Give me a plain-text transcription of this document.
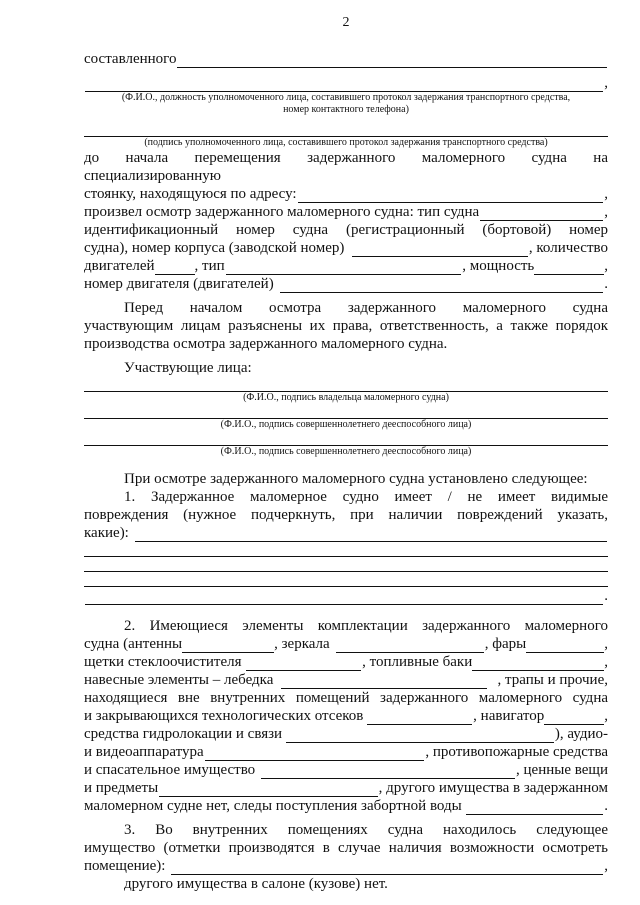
2
составленного
,
(Ф.И.О., должность уполномоченного лица, составившего протокол задержания транспортного средства,
номер контактного телефона)
(подпись уполномоченного лица, составившего протокол задержания транспортного средства)
до начала перемещения задержанного маломерного судна на специализированную
стоянку, находящуюся по адресу:	,
произвел осмотр задержанного маломерного судна: тип судна	,
идентификационный номер судна (регистрационный (бортовой) номер
судна), номер корпуса (заводской номер)	, количество
двигателей	, тип	, мощность	,
номер двигателя (двигателей)	.
Перед началом осмотра задержанного маломерного судна
участвующим лицам разъяснены их права, ответственность, а также порядок
производства осмотра задержанного маломерного судна.
Участвующие лица:
(Ф.И.О., подпись владельца маломерного судна)
(Ф.И.О., подпись совершеннолетнего дееспособного лица)
(Ф.И.О., подпись совершеннолетнего дееспособного лица)
При осмотре задержанного маломерного судна установлено следующее:
1. Задержанное маломерное судно имеет / не имеет видимые
повреждения (нужное подчеркнуть, при наличии повреждений указать,
какие):
.
2. Имеющиеся элементы комплектации задержанного маломерного
судна (антенны	, зеркала	, фары	,
щетки стеклоочистителя	, топливные баки	,
навесные элементы – лебедка	, трапы и прочие,
находящиеся вне внутренних помещений задержанного маломерного судна
и закрывающихся технологических отсеков	, навигатор	,
средства гидролокации и связи	), аудио-
и видеоаппаратура	, противопожарные средства
и спасательное имущество	, ценные вещи
и предметы	, другого имущества в задержанном
маломерном судне нет, следы поступления забортной воды	.
3. Во внутренних помещениях судна находилось следующее
имущество (отметки производятся в случае наличия возможности осмотреть
помещение):	,
другого имущества в салоне (кузове) нет.
